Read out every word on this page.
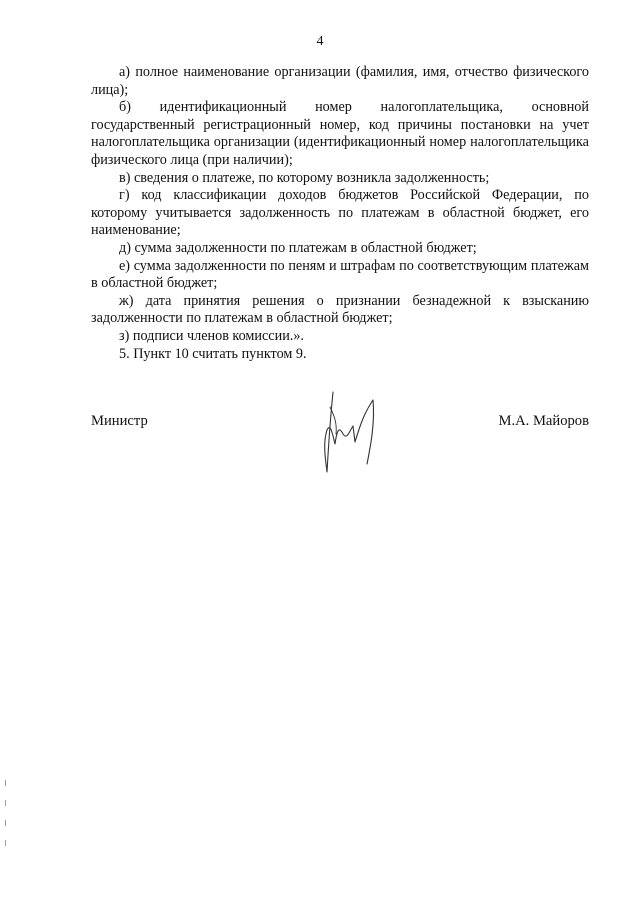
4

а) полное наименование организации (фамилия, имя, отчество физического лица);

б) идентификационный номер налогоплательщика, основной государственный регистрационный номер, код причины постановки на учет налогоплательщика организации (идентификационный номер налогоплательщика физического лица (при наличии);

в) сведения о платеже, по которому возникла задолженность;

г) код классификации доходов бюджетов Российской Федерации, по которому учитывается задолженность по платежам в областной бюджет, его наименование;

д) сумма задолженности по платежам в областной бюджет;

е) сумма задолженности по пеням и штрафам по соответствующим платежам в областной бюджет;

ж) дата принятия решения о признании безнадежной к взысканию задолженности по платежам в областной бюджет;

з) подписи членов комиссии.».

5. Пункт 10 считать пунктом 9.

Министр	М.А. Майоров
